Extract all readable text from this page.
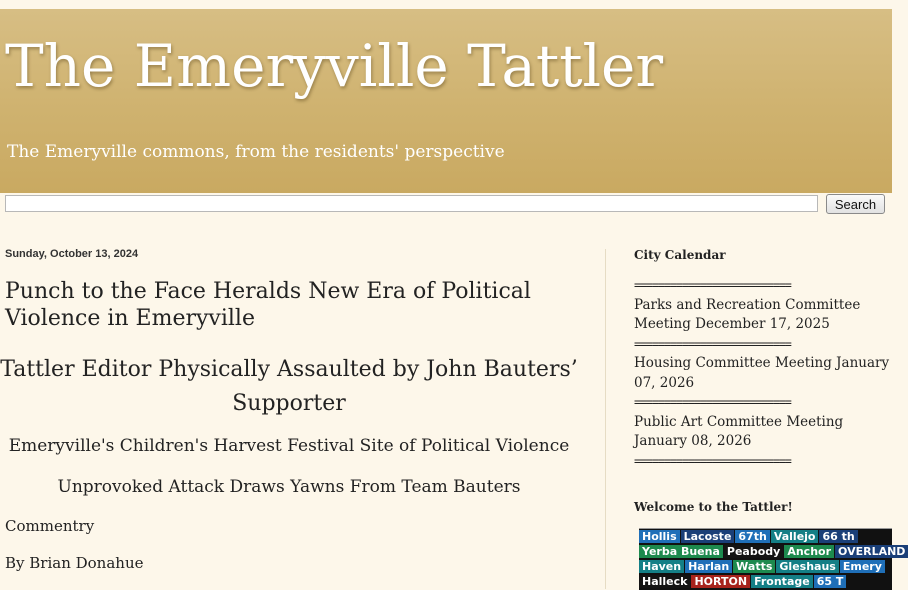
The Emeryville Tattler

The Emeryville commons, from the residents' perspective

Search
Sunday, October 13, 2024
Punch to the Face Heralds New Era of Political Violence in Emeryville

Tattler Editor Physically Assaulted by John Bauters’ Supporter

Emeryville's Children's Harvest Festival Site of Political Violence

Unprovoked Attack Draws Yawns From Team Bauters

Commentry

By Brian Donahue

City Calendar
==========================
Parks and Recreation Committee Meeting December 17, 2025
==========================
Housing Committee Meeting January 07, 2026
==========================
Public Art Committee Meeting January 08, 2026
==========================
Welcome to the Tattler!
Hollis Lacoste 67th Vallejo 66 th
Yerba Buena Peabody Anchor OVERLAND
Haven Harlan Watts Gleshaus Emery
Halleck HORTON Frontage 65 T
